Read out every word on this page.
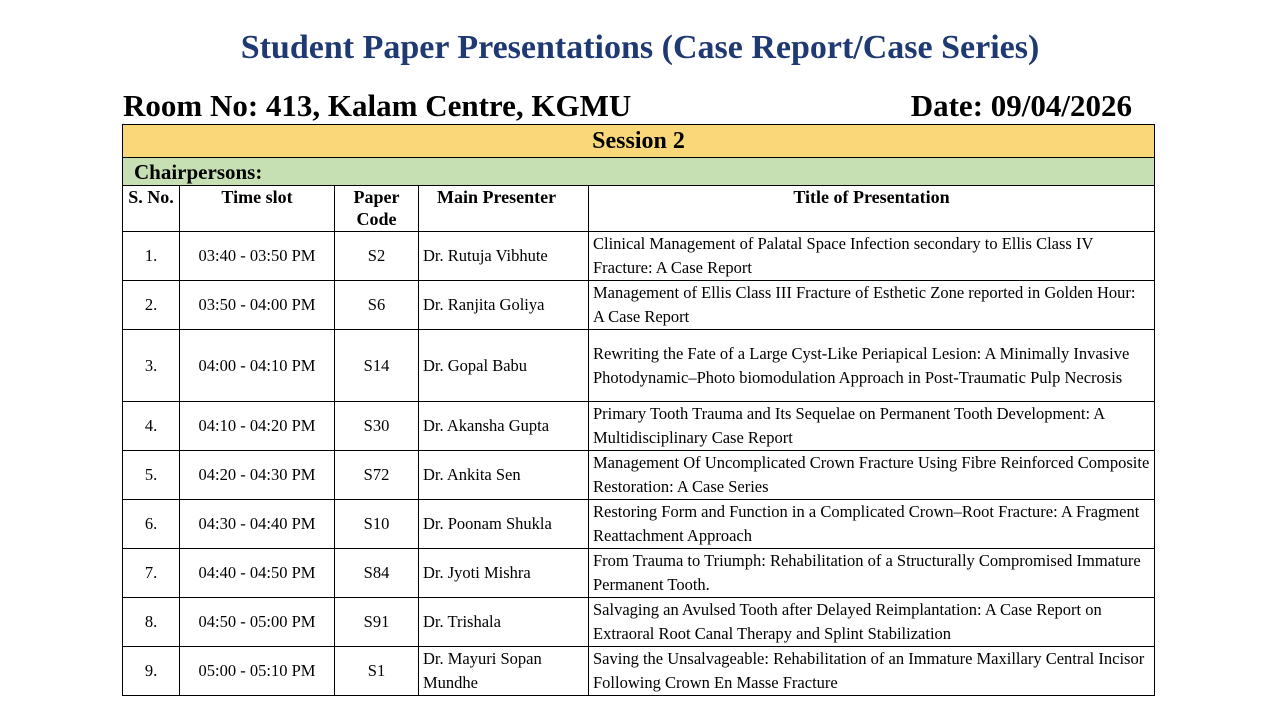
Student Paper Presentations (Case Report/Case Series)
Room No: 413, Kalam Centre, KGMU	Date: 09/04/2026
Session 2				
Chairpersons:				
S. No.	Time slot	Paper Code	Main Presenter	Title of Presentation
1.	03:40 - 03:50 PM	S2	Dr. Rutuja Vibhute	Clinical Management of Palatal Space Infection secondary to Ellis Class IV Fracture: A Case Report
2.	03:50 - 04:00 PM	S6	Dr. Ranjita Goliya	Management of Ellis Class III Fracture of Esthetic Zone reported in Golden Hour: A Case Report
3.	04:00 - 04:10 PM	S14	Dr. Gopal Babu	Rewriting the Fate of a Large Cyst-Like Periapical Lesion: A Minimally Invasive Photodynamic–Photo biomodulation Approach in Post-Traumatic Pulp Necrosis
4.	04:10 - 04:20 PM	S30	Dr. Akansha Gupta	Primary Tooth Trauma and Its Sequelae on Permanent Tooth Development: A Multidisciplinary Case Report
5.	04:20 - 04:30 PM	S72	Dr. Ankita Sen	Management Of Uncomplicated Crown Fracture Using Fibre Reinforced Composite Restoration: A Case Series
6.	04:30 - 04:40 PM	S10	Dr. Poonam Shukla	Restoring Form and Function in a Complicated Crown–Root Fracture: A Fragment Reattachment Approach
7.	04:40 - 04:50 PM	S84	Dr. Jyoti Mishra	From Trauma to Triumph: Rehabilitation of a Structurally Compromised Immature Permanent Tooth.
8.	04:50 - 05:00 PM	S91	Dr. Trishala	Salvaging an Avulsed Tooth after Delayed Reimplantation: A Case Report on Extraoral Root Canal Therapy and Splint Stabilization
9.	05:00 - 05:10 PM	S1	Dr. Mayuri Sopan Mundhe	Saving the Unsalvageable: Rehabilitation of an Immature Maxillary Central Incisor Following Crown En Masse Fracture
